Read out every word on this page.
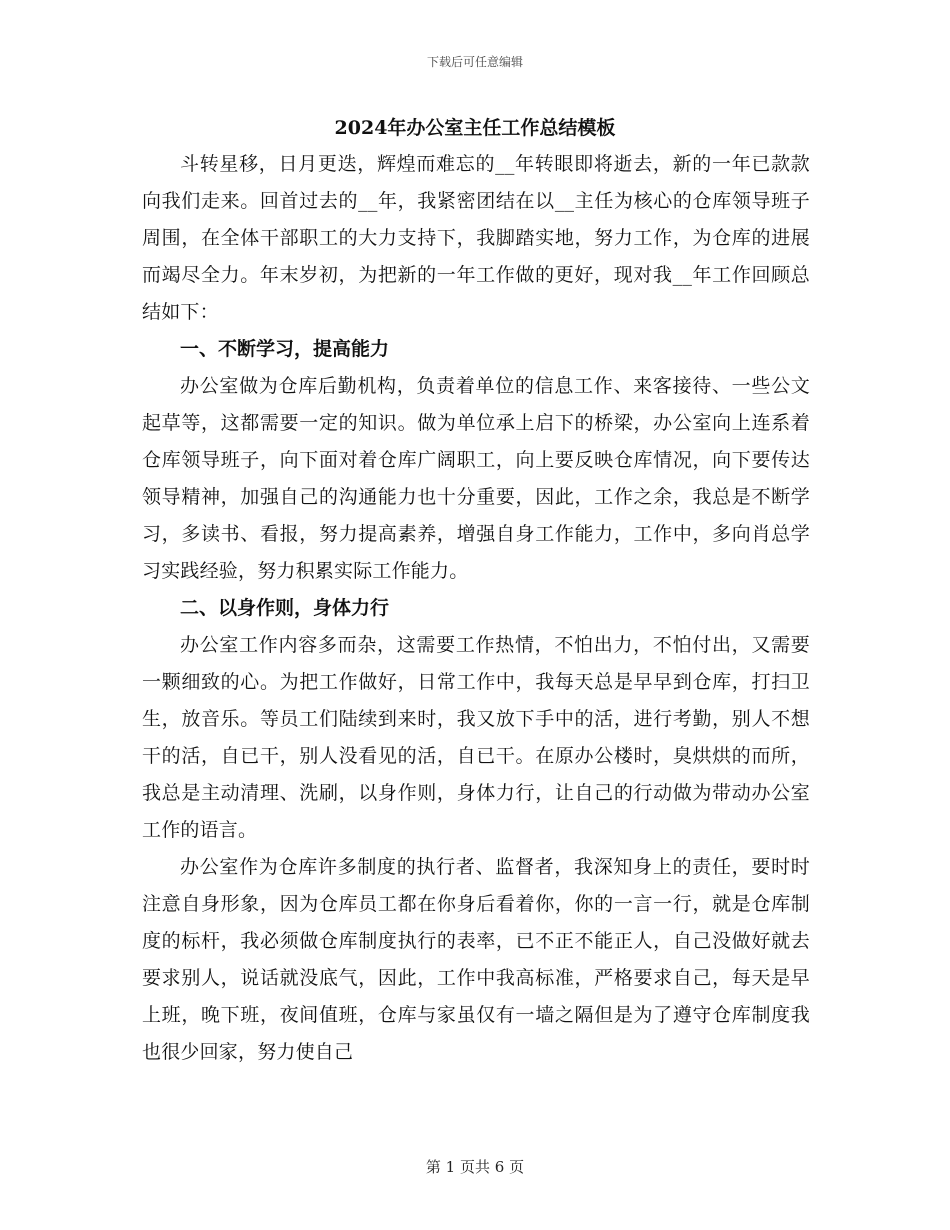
下载后可任意编辑
2024年办公室主任工作总结模板

斗转星移，日月更迭，辉煌而难忘的__年转眼即将逝去，新的一年已款款向我们走来。回首过去的__年，我紧密团结在以__主任为核心的仓库领导班子周围，在全体干部职工的大力支持下，我脚踏实地，努力工作，为仓库的进展而竭尽全力。年末岁初，为把新的一年工作做的更好，现对我__年工作回顾总结如下：

一、不断学习，提高能力

办公室做为仓库后勤机构，负责着单位的信息工作、来客接待、一些公文起草等，这都需要一定的知识。做为单位承上启下的桥梁，办公室向上连系着仓库领导班子，向下面对着仓库广阔职工，向上要反映仓库情况，向下要传达领导精神，加强自己的沟通能力也十分重要，因此，工作之余，我总是不断学习，多读书、看报，努力提高素养，增强自身工作能力，工作中，多向肖总学习实践经验，努力积累实际工作能力。

二、以身作则，身体力行

办公室工作内容多而杂，这需要工作热情，不怕出力，不怕付出，又需要一颗细致的心。为把工作做好，日常工作中，我每天总是早早到仓库，打扫卫生，放音乐。等员工们陆续到来时，我又放下手中的活，进行考勤，别人不想干的活，自已干，别人没看见的活，自已干。在原办公楼时，臭烘烘的而所，我总是主动清理、洗刷，以身作则，身体力行，让自己的行动做为带动办公室工作的语言。

办公室作为仓库许多制度的执行者、监督者，我深知身上的责任，要时时注意自身形象，因为仓库员工都在你身后看着你，你的一言一行，就是仓库制度的标杆，我必须做仓库制度执行的表率，已不正不能正人，自己没做好就去要求别人，说话就没底气，因此，工作中我高标准，严格要求自己，每天是早上班，晚下班，夜间值班，仓库与家虽仅有一墙之隔但是为了遵守仓库制度我也很少回家，努力使自己

第 1 页共 6 页
